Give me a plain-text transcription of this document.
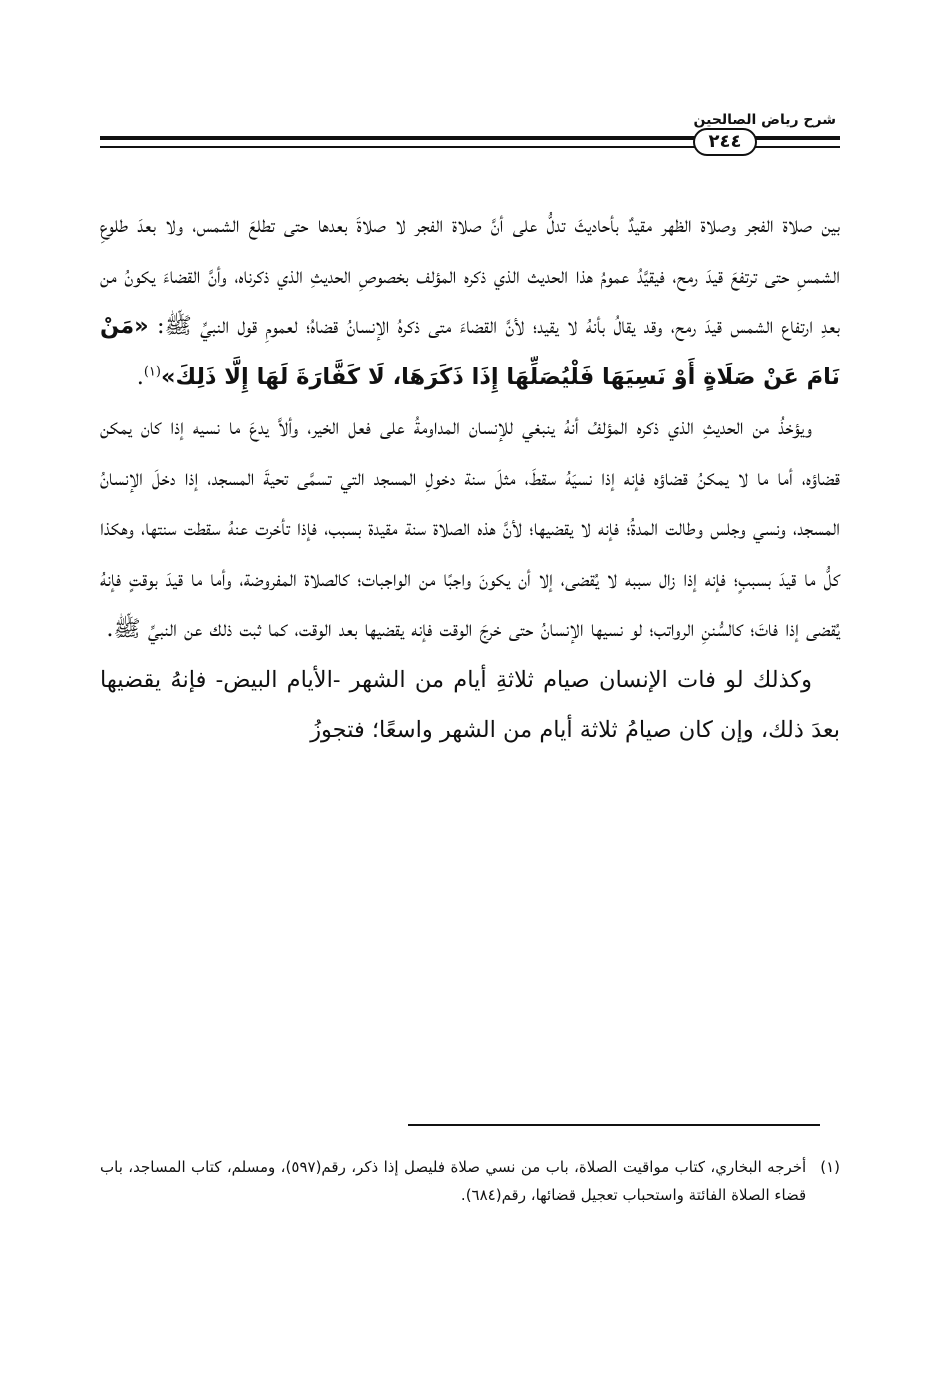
شرح رياض الصالحين
٢٤٤

بين صلاة الفجر وصلاة الظهر مقيدٌ بأحاديثَ تدلُّ على أنَّ صلاة الفجر لا صلاةَ بعدها حتى تطلعَ الشمس، ولا بعدَ طلوعِ الشمسِ حتى ترتفعَ قيدَ رمح، فيقيَّدُ عمومُ هذا الحديث الذي ذكره المؤلف بخصوصِ الحديثِ الذي ذكرناه، وأنَّ القضاءَ يكونُ من بعدِ ارتفاع الشمس قيدَ رمح، وقد يقالُ بأنهُ لا يقيد؛ لأنَّ القضاءَ متى ذكرهُ الإنسانُ قضاهُ؛ لعمومِ قول النبيِّ ﷺ: «مَنْ نَامَ عَنْ صَلَاةٍ أَوْ نَسِيَهَا فَلْيُصَلِّهَا إِذَا ذَكَرَهَا، لَا كَفَّارَةَ لَهَا إِلَّا ذَلِكَ»$^{(١)}$.

ويؤخذُ من الحديثِ الذي ذكره المؤلفُ أنهُ ينبغي للإنسان المداومةُ على فعل الخير، وألاَّ يدعَ ما نسيه إذا كان يمكن قضاؤه، أما ما لا يمكنُ قضاؤه فإنه إذا نسيَهُ سقطَ، مثلَ سنة دخولِ المسجد التي تسمَّى تحيةَ المسجد، إذا دخلَ الإنسانُ المسجد، ونسي وجلس وطالت المدةُ؛ فإنه لا يقضيها؛ لأنَّ هذه الصلاة سنة مقيدة بسبب، فإذا تأخرت عنهُ سقطت سنتها، وهكذا كلُّ ما قيدَ بسببٍ؛ فإنه إذا زال سببه لا يُقضى، إلا أن يكونَ واجبًا من الواجبات؛ كالصلاة المفروضة، وأما ما قيدَ بوقتٍ فإنهُ يُقضى إذا فاتَ؛ كالسُّننِ الرواتب؛ لو نسيها الإنسانُ حتى خرجَ الوقت فإنه يقضيها بعد الوقت، كما ثبت ذلك عن النبيِّ ﷺ.

وكذلك لو فات الإنسان صيام ثلاثةِ أيام من الشهر -الأيام البيض- فإنهُ يقضيها بعدَ ذلك، وإن كان صيامُ ثلاثة أيام من الشهر واسعًا؛ فتجوزُ

(١)
أخرجه البخاري، كتاب مواقيت الصلاة، باب من نسي صلاة فليصل إذا ذكر، رقم(٥٩٧)، ومسلم، كتاب المساجد، باب قضاء الصلاة الفائتة واستحباب تعجيل قضائها، رقم(٦٨٤).
